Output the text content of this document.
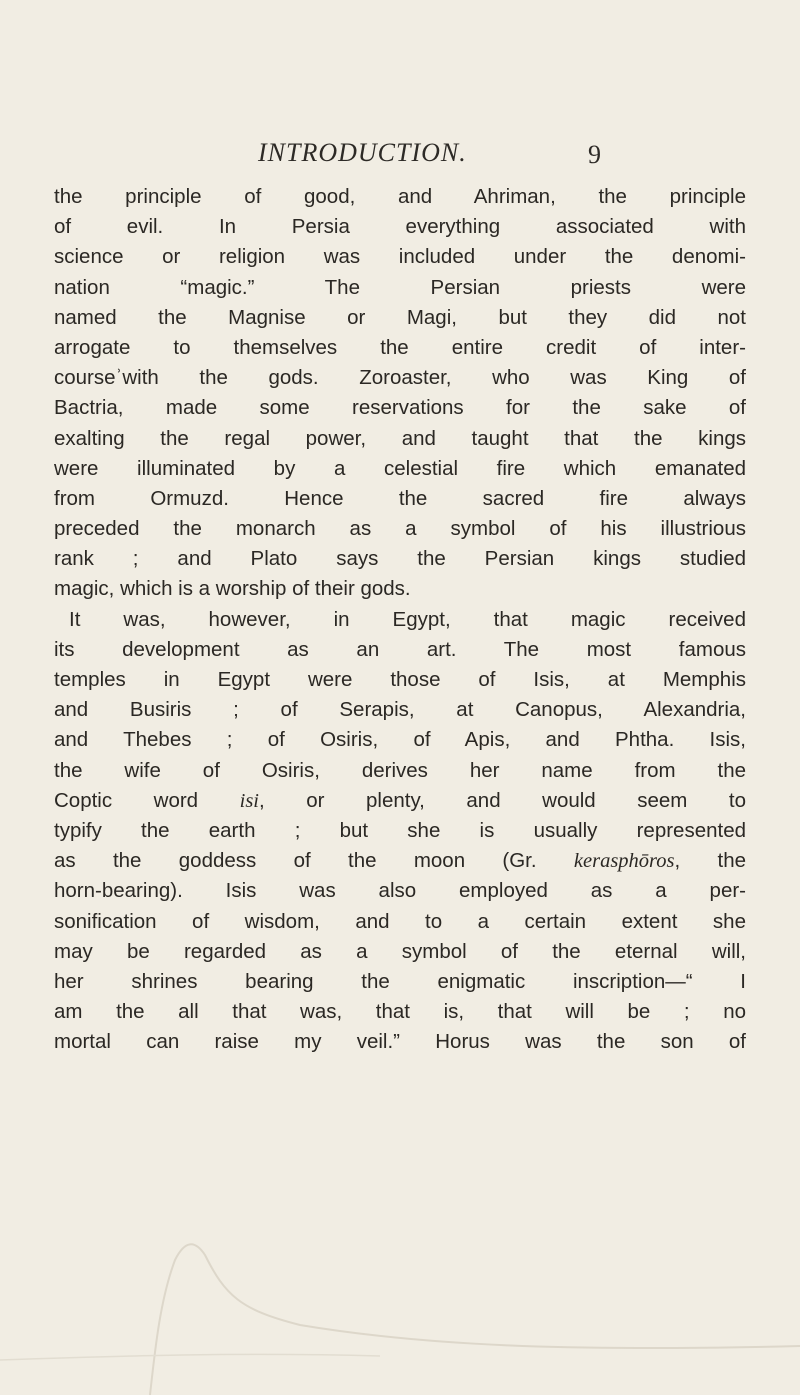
INTRODUCTION.	9
the principle of good, and Ahriman, the principle
of evil. In Persia everything associated with
science or religion was included under the denomi-
nation “magic.” The Persian priests were
named the Magnise or Magi, but they did not
arrogate to themselves the entire credit of inter-
courseʾwith the gods. Zoroaster, who was King of
Bactria, made some reservations for the sake of
exalting the regal power, and taught that the kings
were illuminated by a celestial fire which emanated
from Ormuzd. Hence the sacred fire always
preceded the monarch as a symbol of his illustrious
rank ; and Plato says the Persian kings studied
magic, which is a worship of their gods.
It was, however, in Egypt, that magic received
its development as an art. The most famous
temples in Egypt were those of Isis, at Memphis
and Busiris ; of Serapis, at Canopus, Alexandria,
and Thebes ; of Osiris, of Apis, and Phtha. Isis,
the wife of Osiris, derives her name from the
Coptic word isi, or plenty, and would seem to
typify the earth ; but she is usually represented
as the goddess of the moon (Gr. kerasphōros, the
horn-bearing). Isis was also employed as a per-
sonification of wisdom, and to a certain extent she
may be regarded as a symbol of the eternal will,
her shrines bearing the enigmatic inscription—“ I
am the all that was, that is, that will be ; no
mortal can raise my veil.” Horus was the son of
